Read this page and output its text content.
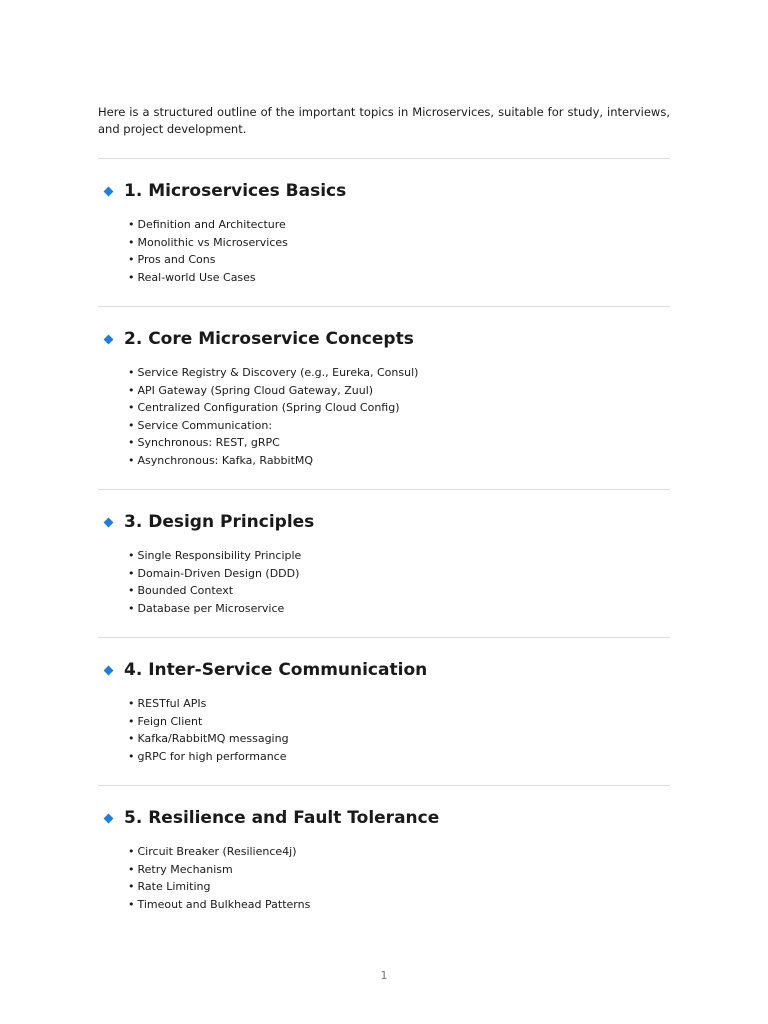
Here is a structured outline of the important topics in Microservices, suitable for study, interviews, and project development.

1. Microservices Basics
• Definition and Architecture
• Monolithic vs Microservices
• Pros and Cons
• Real-world Use Cases
2. Core Microservice Concepts
• Service Registry & Discovery (e.g., Eureka, Consul)
• API Gateway (Spring Cloud Gateway, Zuul)
• Centralized Configuration (Spring Cloud Config)
• Service Communication:
• Synchronous: REST, gRPC
• Asynchronous: Kafka, RabbitMQ
3. Design Principles
• Single Responsibility Principle
• Domain-Driven Design (DDD)
• Bounded Context
• Database per Microservice
4. Inter-Service Communication
• RESTful APIs
• Feign Client
• Kafka/RabbitMQ messaging
• gRPC for high performance
5. Resilience and Fault Tolerance
• Circuit Breaker (Resilience4j)
• Retry Mechanism
• Rate Limiting
• Timeout and Bulkhead Patterns
1
